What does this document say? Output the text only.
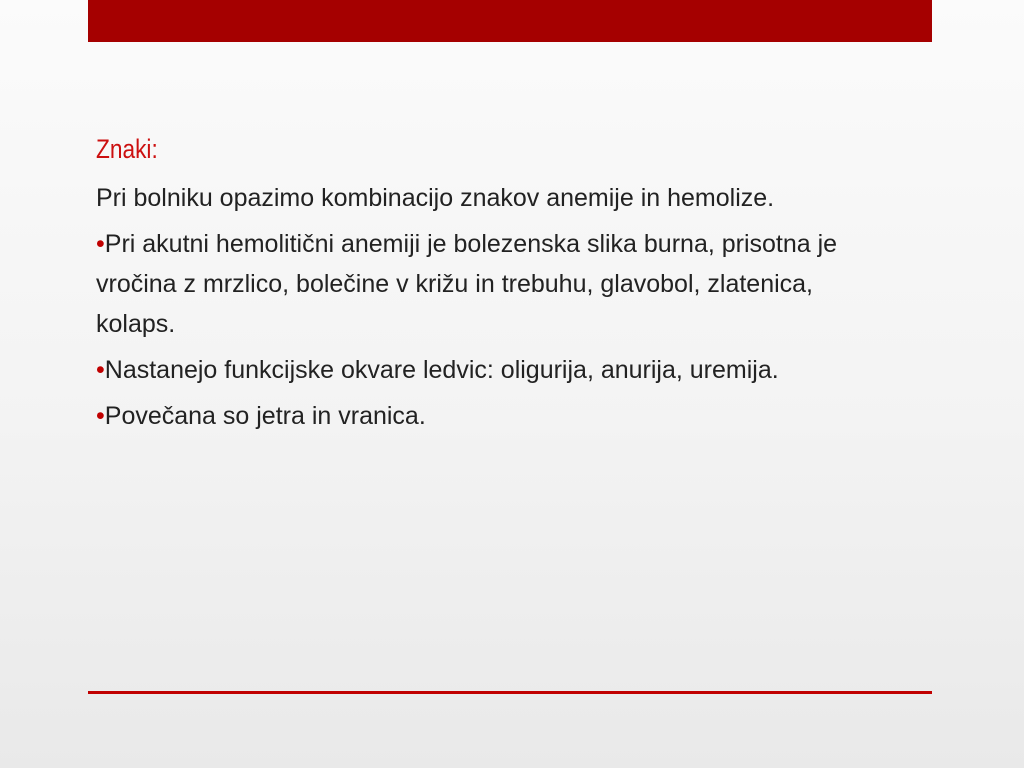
Znaki:

Pri bolniku opazimo kombinacijo znakov anemije in hemolize.

•Pri akutni hemolitični anemiji je bolezenska slika burna, prisotna je vročina z mrzlico, bolečine v križu in trebuhu, glavobol, zlatenica, kolaps.

•Nastanejo funkcijske okvare ledvic: oligurija, anurija, uremija.

•Povečana so jetra in vranica.
